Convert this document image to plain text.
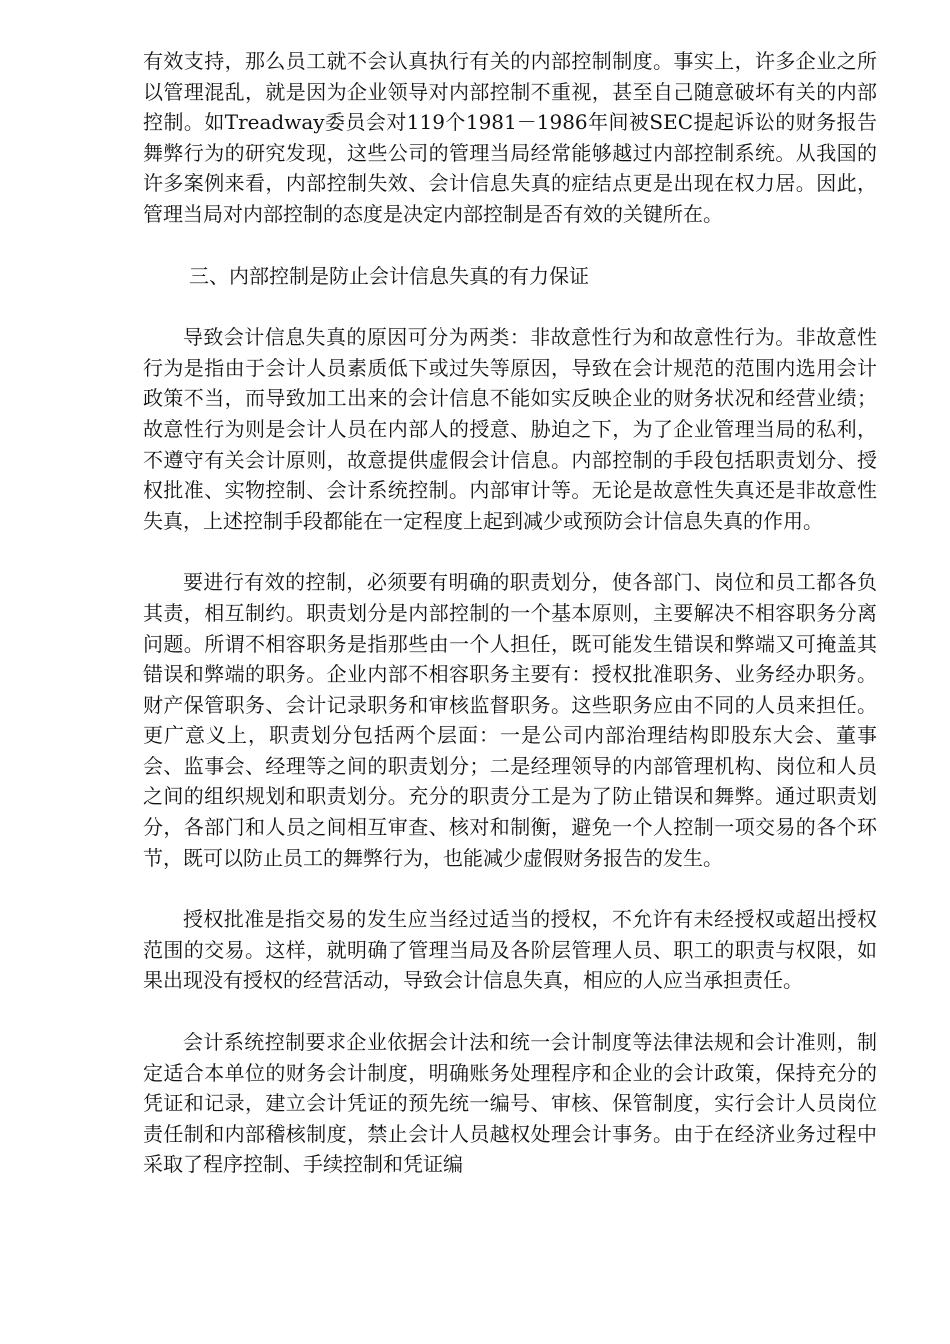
有效支持，那么员工就不会认真执行有关的内部控制制度。事实上，许多企业之所以管理混乱，就是因为企业领导对内部控制不重视，甚至自己随意破坏有关的内部控制。如Treadway委员会对119个1981－1986年间被SEC提起诉讼的财务报告舞弊行为的研究发现，这些公司的管理当局经常能够越过内部控制系统。从我国的许多案例来看，内部控制失效、会计信息失真的症结点更是出现在权力居。因此，管理当局对内部控制的态度是决定内部控制是否有效的关键所在。

三、内部控制是防止会计信息失真的有力保证

导致会计信息失真的原因可分为两类：非故意性行为和故意性行为。非故意性行为是指由于会计人员素质低下或过失等原因，导致在会计规范的范围内选用会计政策不当，而导致加工出来的会计信息不能如实反映企业的财务状况和经营业绩；故意性行为则是会计人员在内部人的授意、胁迫之下，为了企业管理当局的私利，不遵守有关会计原则，故意提供虚假会计信息。内部控制的手段包括职责划分、授权批准、实物控制、会计系统控制。内部审计等。无论是故意性失真还是非故意性失真，上述控制手段都能在一定程度上起到减少或预防会计信息失真的作用。

要进行有效的控制，必须要有明确的职责划分，使各部门、岗位和员工都各负其责，相互制约。职责划分是内部控制的一个基本原则，主要解决不相容职务分离问题。所谓不相容职务是指那些由一个人担任，既可能发生错误和弊端又可掩盖其错误和弊端的职务。企业内部不相容职务主要有：授权批准职务、业务经办职务。财产保管职务、会计记录职务和审核监督职务。这些职务应由不同的人员来担任。更广意义上，职责划分包括两个层面：一是公司内部治理结构即股东大会、董事会、监事会、经理等之间的职责划分；二是经理领导的内部管理机构、岗位和人员之间的组织规划和职责划分。充分的职责分工是为了防止错误和舞弊。通过职责划分，各部门和人员之间相互审查、核对和制衡，避免一个人控制一项交易的各个环节，既可以防止员工的舞弊行为，也能减少虚假财务报告的发生。

授权批准是指交易的发生应当经过适当的授权，不允许有未经授权或超出授权范围的交易。这样，就明确了管理当局及各阶层管理人员、职工的职责与权限，如果出现没有授权的经营活动，导致会计信息失真，相应的人应当承担责任。

会计系统控制要求企业依据会计法和统一会计制度等法律法规和会计准则，制定适合本单位的财务会计制度，明确账务处理程序和企业的会计政策，保持充分的凭证和记录，建立会计凭证的预先统一编号、审核、保管制度，实行会计人员岗位责任制和内部稽核制度，禁止会计人员越权处理会计事务。由于在经济业务过程中采取了程序控制、手续控制和凭证编
